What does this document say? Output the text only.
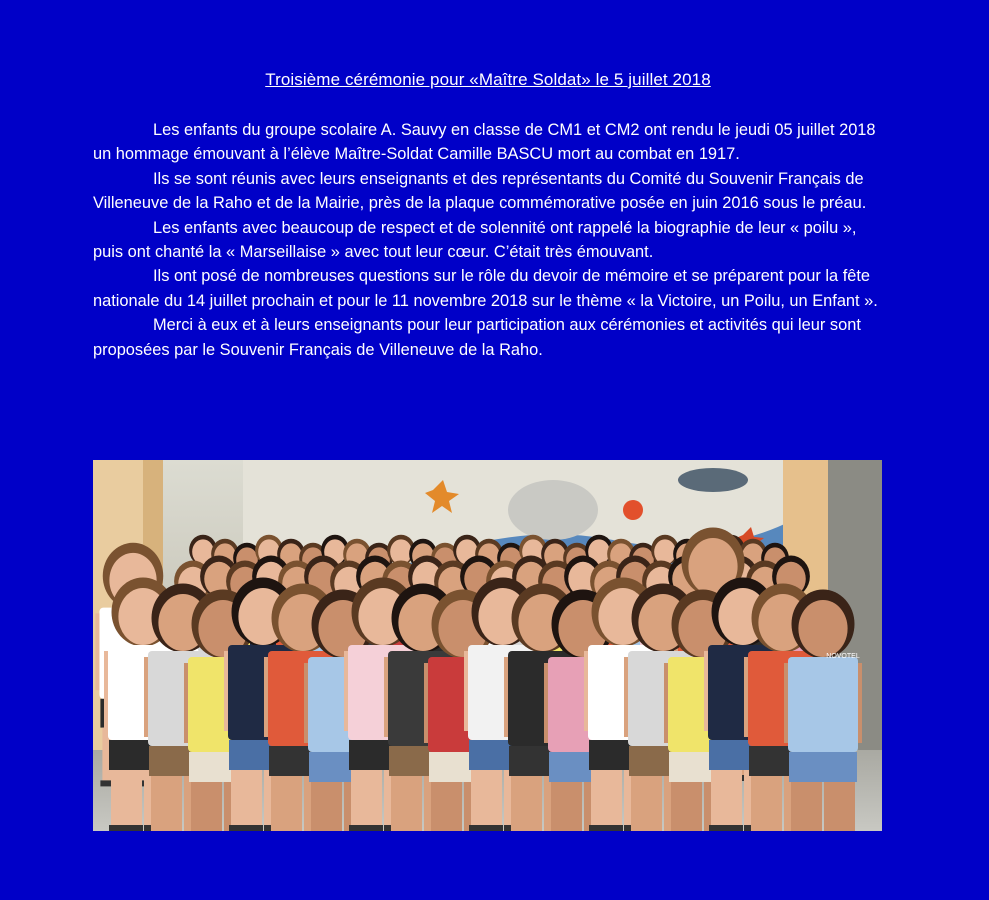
Troisième cérémonie pour «Maître Soldat» le 5 juillet 2018

Les enfants du groupe scolaire A. Sauvy en classe de CM1 et CM2 ont rendu le jeudi 05 juillet 2018 un hommage émouvant à l’élève Maître-Soldat Camille BASCU mort au combat en 1917.

Ils se sont réunis avec leurs enseignants et des représentants du Comité du Souvenir Français de Villeneuve de la Raho et de la Mairie, près de la plaque commémorative posée en juin 2016 sous le préau.

Les enfants avec beaucoup de respect et de solennité ont rappelé la biographie de leur « poilu », puis ont chanté la « Marseillaise » avec tout leur cœur. C’était très émouvant.

Ils ont posé de nombreuses questions sur le rôle du devoir de mémoire et se préparent pour la fête nationale du 14 juillet prochain et pour le 11 novembre 2018 sur le thème « la Victoire, un Poilu, un Enfant ».

Merci à eux et à leurs enseignants pour leur participation aux cérémonies et activités qui leur sont proposées par le Souvenir Français de Villeneuve de la Raho.

NOVOTEL
